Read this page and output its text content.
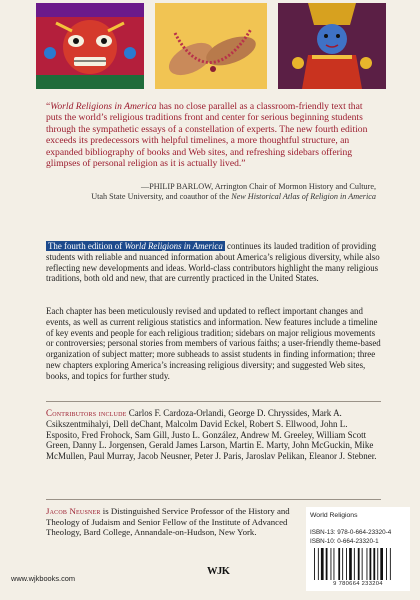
“World Religions in America has no close parallel as a classroom-friendly text that puts the world’s religious traditions front and center for serious beginning students through the sympathetic essays of a constellation of experts. The new fourth edition exceeds its predecessors with helpful timelines, a more thoughtful structure, an expanded bibliography of books and Web sites, and refreshing sidebars offering glimpses of personal religion as it is actually lived.”
—PHILIP BARLOW, Arrington Chair of Mormon History and Culture,
Utah State University, and coauthor of the New Historical Atlas of Religion in America
The fourth edition of World Religions in America continues its lauded tradition of providing students with reliable and nuanced information about America’s religious diversity, while also reflecting new developments and ideas. World-class contributors highlight the many religious traditions, both old and new, that are currently practiced in the United States.
Each chapter has been meticulously revised and updated to reflect important changes and events, as well as current religious statistics and information. New features include a timeline of key events and people for each religious tradition; sidebars on major religious movements or controversies; personal stories from members of various faiths; a user-friendly theme-based organization of subject matter; more subheads to assist students in finding information; three new chapters exploring America’s increasing religious diversity; and suggested Web sites, books, and topics for further study.
Contributors include Carlos F. Cardoza-Orlandi, George D. Chryssides, Mark A. Csikszentmihalyi, Dell deChant, Malcolm David Eckel, Robert S. Ellwood, John L. Esposito, Fred Frohock, Sam Gill, Justo L. González, Andrew M. Greeley, William Scott Green, Danny L. Jorgensen, Gerald James Larson, Martin E. Marty, John McGuckin, Mike McMullen, Paul Murray, Jacob Neusner, Peter J. Paris, Jaroslav Pelikan, Eleanor J. Stebner.
Jacob Neusner is Distinguished Service Professor of the History and Theology of Judaism and Senior Fellow of the Institute of Advanced Theology, Bard College, Annandale-on-Hudson, New York.
www.wjkbooks.com
WJK
World Religions
ISBN-13: 978-0-664-23320-4
ISBN-10: 0-664-23320-1
9 780664 233204
